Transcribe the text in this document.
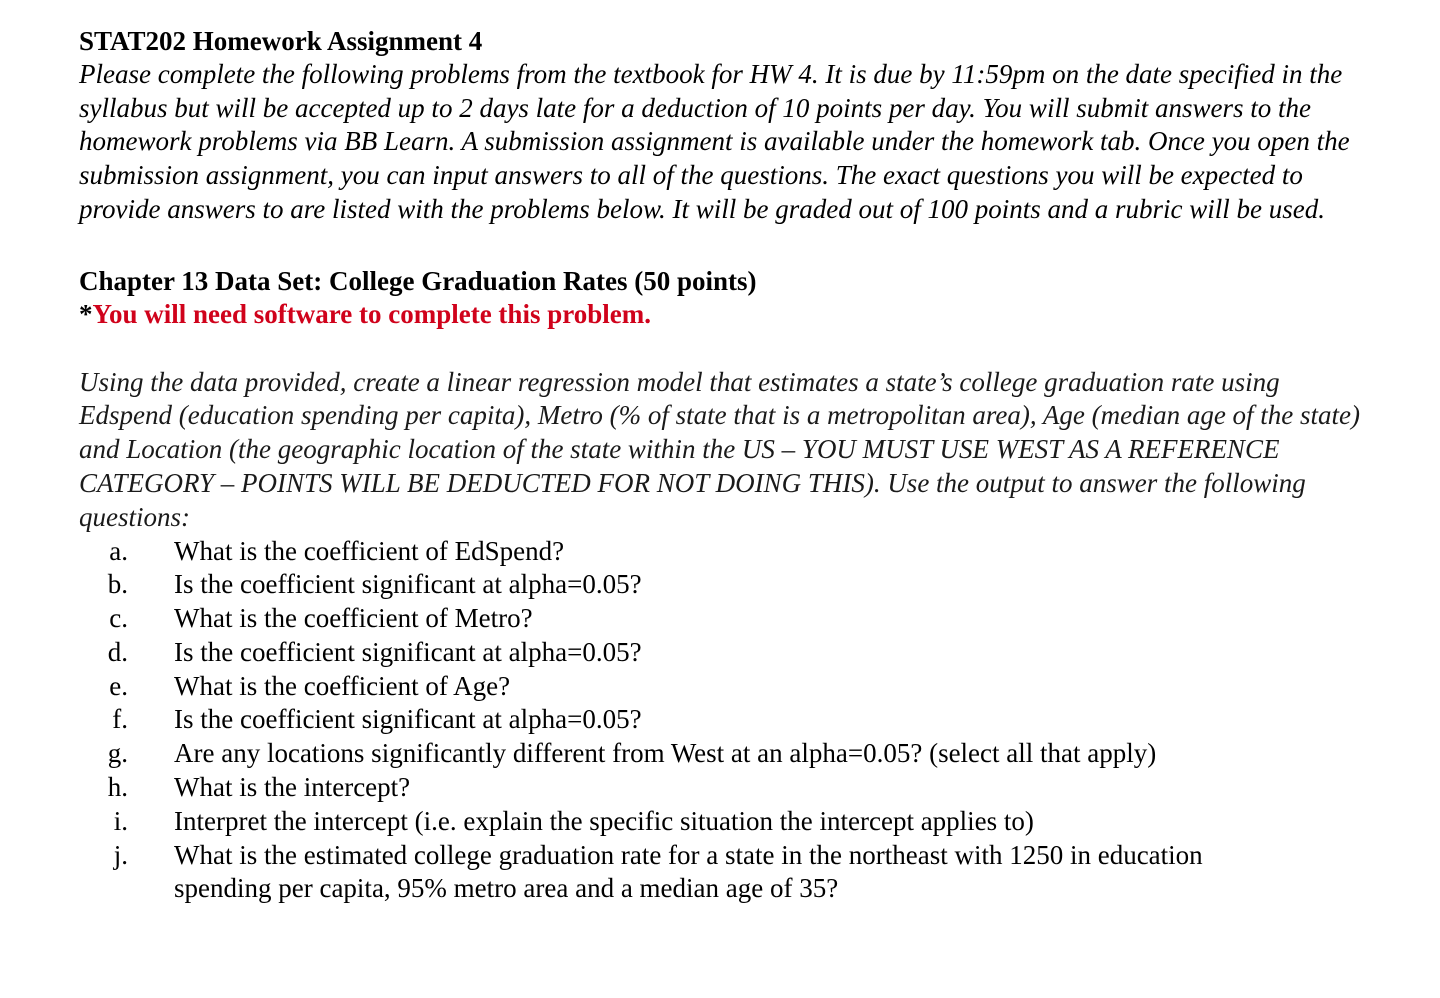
STAT202 Homework Assignment 4

Please complete the following problems from the textbook for HW 4. It is due by 11:59pm on the date specified in the syllabus but will be accepted up to 2 days late for a deduction of 10 points per day. You will submit answers to the homework problems via BB Learn. A submission assignment is available under the homework tab. Once you open the submission assignment, you can input answers to all of the questions. The exact questions you will be expected to provide answers to are listed with the problems below. It will be graded out of 100 points and a rubric will be used.

Chapter 13 Data Set: College Graduation Rates (50 points)

*You will need software to complete this problem.

Using the data provided, create a linear regression model that estimates a state’s college graduation rate using Edspend (education spending per capita), Metro (% of state that is a metropolitan area), Age (median age of the state) and Location (the geographic location of the state within the US – YOU MUST USE WEST AS A REFERENCE CATEGORY – POINTS WILL BE DEDUCTED FOR NOT DOING THIS). Use the output to answer the following questions:

a.	What is the coefficient of EdSpend?
b.	Is the coefficient significant at alpha=0.05?
c.	What is the coefficient of Metro?
d.	Is the coefficient significant at alpha=0.05?
e.	What is the coefficient of Age?
f.	Is the coefficient significant at alpha=0.05?
g.	Are any locations significantly different from West at an alpha=0.05? (select all that apply)
h.	What is the intercept?
i.	Interpret the intercept (i.e. explain the specific situation the intercept applies to)
j.	What is the estimated college graduation rate for a state in the northeast with 1250 in education spending per capita, 95% metro area and a median age of 35?
